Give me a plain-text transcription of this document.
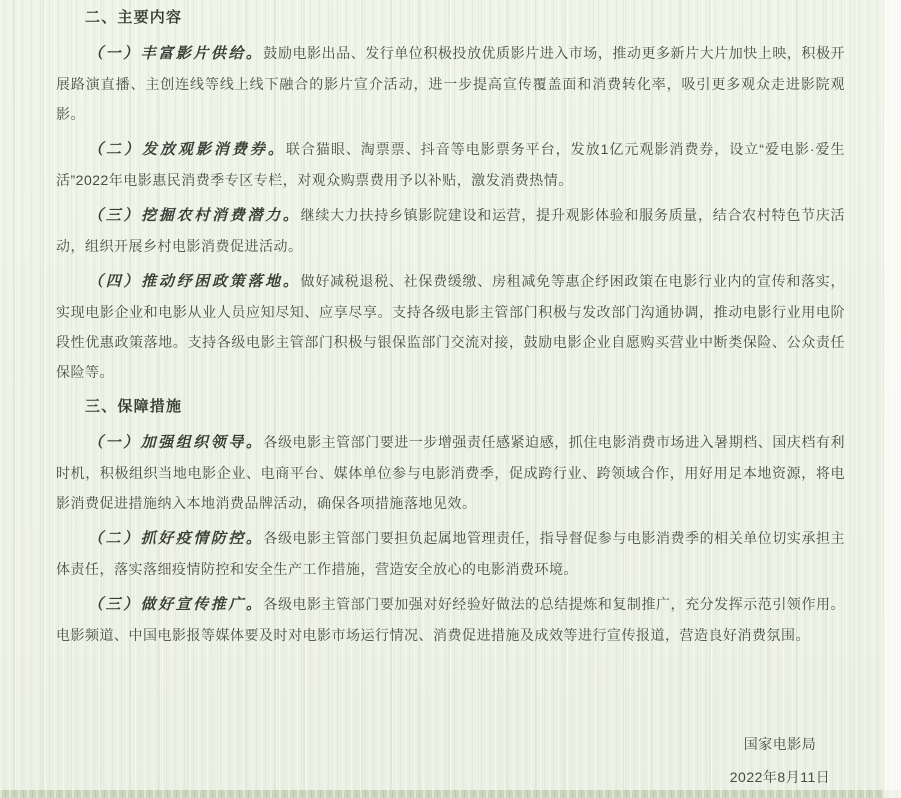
二、主要内容

（一）丰富影片供给。鼓励电影出品、发行单位积极投放优质影片进入市场，推动更多新片大片加快上映，积极开展路演直播、主创连线等线上线下融合的影片宣介活动，进一步提高宣传覆盖面和消费转化率，吸引更多观众走进影院观影。

（二）发放观影消费券。联合猫眼、淘票票、抖音等电影票务平台，发放1亿元观影消费券，设立“爱电影·爱生活”2022年电影惠民消费季专区专栏，对观众购票费用予以补贴，激发消费热情。

（三）挖掘农村消费潜力。继续大力扶持乡镇影院建设和运营，提升观影体验和服务质量，结合农村特色节庆活动，组织开展乡村电影消费促进活动。

（四）推动纾困政策落地。做好减税退税、社保费缓缴、房租减免等惠企纾困政策在电影行业内的宣传和落实，实现电影企业和电影从业人员应知尽知、应享尽享。支持各级电影主管部门积极与发改部门沟通协调，推动电影行业用电阶段性优惠政策落地。支持各级电影主管部门积极与银保监部门交流对接，鼓励电影企业自愿购买营业中断类保险、公众责任保险等。

三、保障措施

（一）加强组织领导。各级电影主管部门要进一步增强责任感紧迫感，抓住电影消费市场进入暑期档、国庆档有利时机，积极组织当地电影企业、电商平台、媒体单位参与电影消费季，促成跨行业、跨领域合作，用好用足本地资源，将电影消费促进措施纳入本地消费品牌活动，确保各项措施落地见效。

（二）抓好疫情防控。各级电影主管部门要担负起属地管理责任，指导督促参与电影消费季的相关单位切实承担主体责任，落实落细疫情防控和安全生产工作措施，营造安全放心的电影消费环境。

（三）做好宣传推广。各级电影主管部门要加强对好经验好做法的总结提炼和复制推广，充分发挥示范引领作用。电影频道、中国电影报等媒体要及时对电影市场运行情况、消费促进措施及成效等进行宣传报道，营造良好消费氛围。

国家电影局
2022年8月11日
